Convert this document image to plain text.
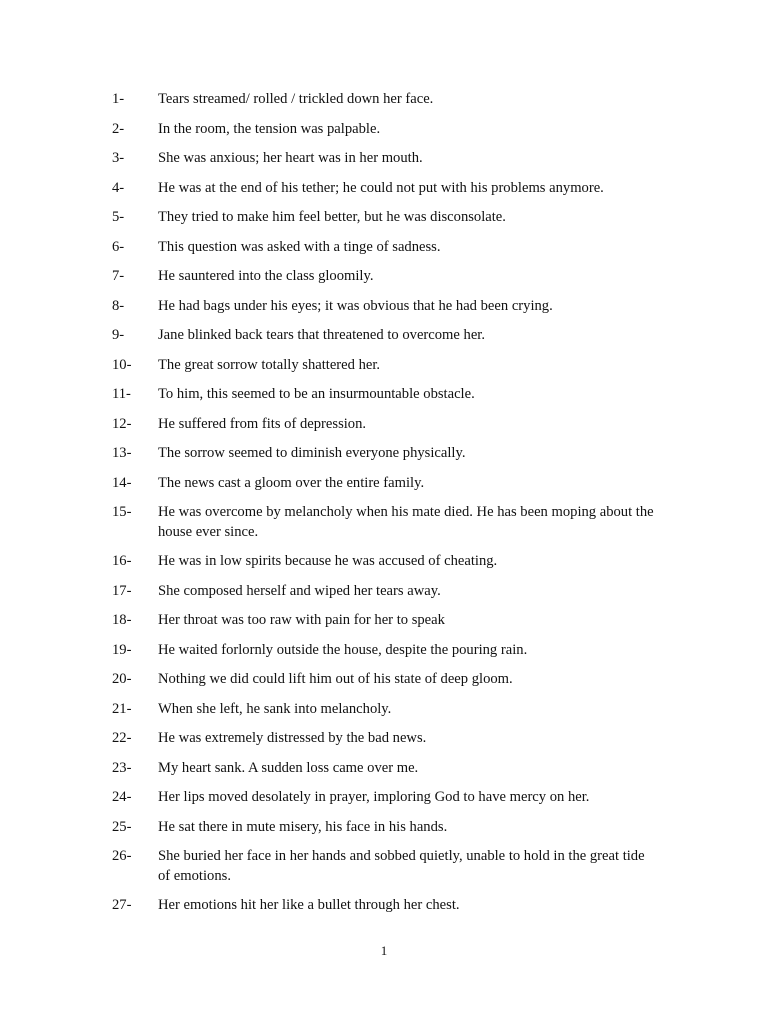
1-	Tears streamed/ rolled / trickled down her face.
2-	In the room, the tension was palpable.
3-	She was anxious; her heart was in her mouth.
4-	He was at the end of his tether; he could not put with his problems anymore.
5-	They tried to make him feel better, but he was disconsolate.
6-	This question was asked with a tinge of sadness.
7-	He sauntered into the class gloomily.
8-	He had bags under his eyes; it was obvious that he had been crying.
9-	Jane blinked back tears that threatened to overcome her.
10-	The great sorrow totally shattered her.
11-	To him, this seemed to be an insurmountable obstacle.
12-	He suffered from fits of depression.
13-	The sorrow seemed to diminish everyone physically.
14-	The news cast a gloom over the entire family.
15-	He was overcome by melancholy when his mate died. He has been moping about the house ever since.
16-	He was in low spirits because he was accused of cheating.
17-	She composed herself and wiped her tears away.
18-	Her throat was too raw with pain for her to speak
19-	He waited forlornly outside the house, despite the pouring rain.
20-	Nothing we did could lift him out of his state of deep gloom.
21-	When she left, he sank into melancholy.
22-	He was extremely distressed by the bad news.
23-	My heart sank. A sudden loss came over me.
24-	Her lips moved desolately in prayer, imploring God to have mercy on her.
25-	He sat there in mute misery, his face in his hands.
26-	She buried her face in her hands and sobbed quietly, unable to hold in the great tide of emotions.
27-	Her emotions hit her like a bullet through her chest.
1
